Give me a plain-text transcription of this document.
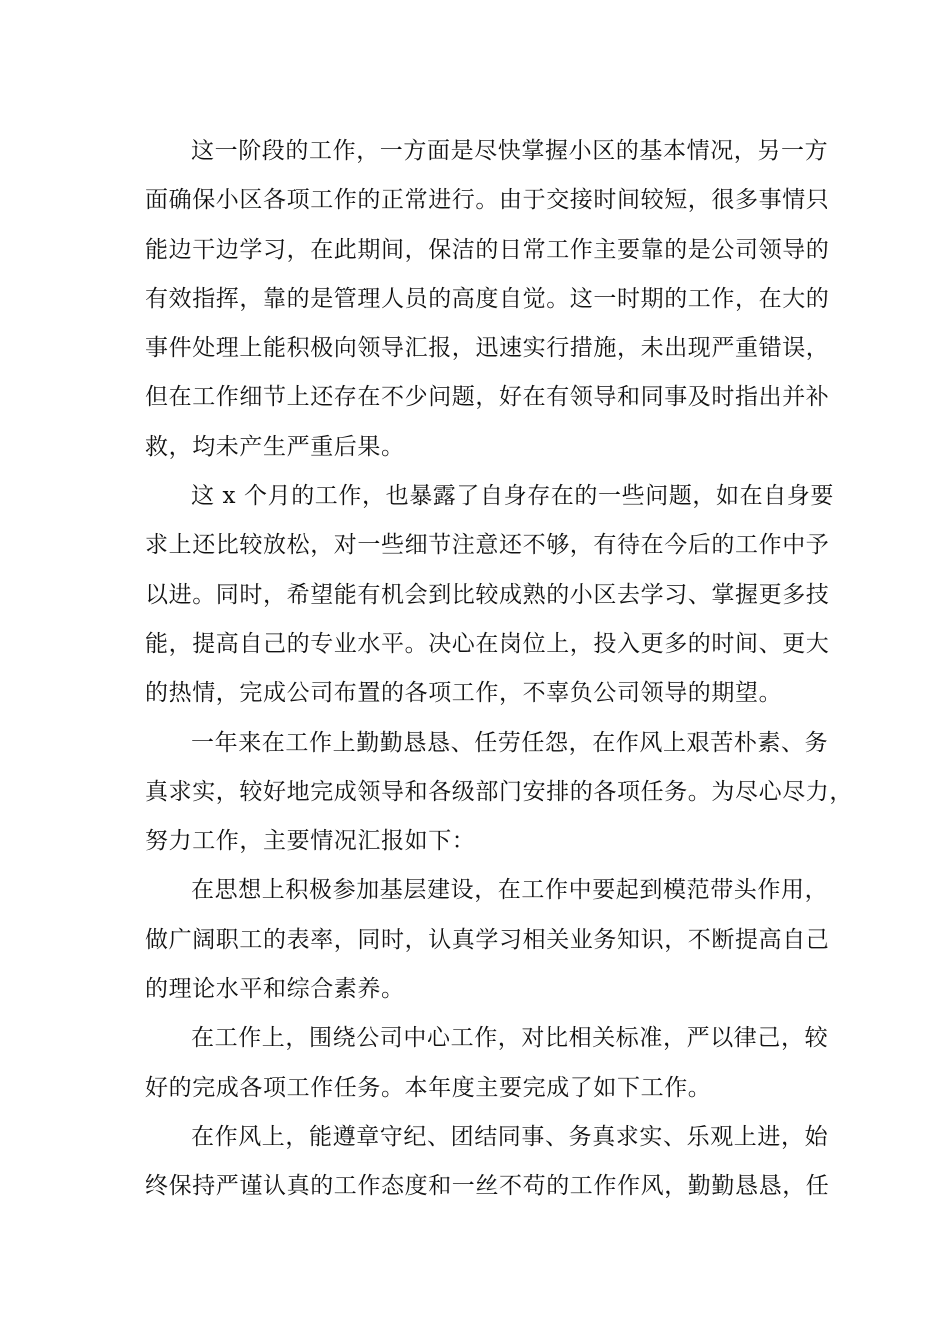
这一阶段的工作，一方面是尽快掌握小区的基本情况，另一方
面确保小区各项工作的正常进行。由于交接时间较短，很多事情只
能边干边学习，在此期间，保洁的日常工作主要靠的是公司领导的
有效指挥，靠的是管理人员的高度自觉。这一时期的工作，在大的
事件处理上能积极向领导汇报，迅速实行措施，未出现严重错误，
但在工作细节上还存在不少问题，好在有领导和同事及时指出并补
救，均未产生严重后果。
这 x 个月的工作，也暴露了自身存在的一些问题，如在自身要
求上还比较放松，对一些细节注意还不够，有待在今后的工作中予
以进。同时，希望能有机会到比较成熟的小区去学习、掌握更多技
能，提高自己的专业水平。决心在岗位上，投入更多的时间、更大
的热情，完成公司布置的各项工作，不辜负公司领导的期望。
一年来在工作上勤勤恳恳、任劳任怨，在作风上艰苦朴素、务
真求实，较好地完成领导和各级部门安排的各项任务。为尽心尽力，
努力工作，主要情况汇报如下：
在思想上积极参加基层建设，在工作中要起到模范带头作用，
做广阔职工的表率，同时，认真学习相关业务知识，不断提高自己
的理论水平和综合素养。
在工作上，围绕公司中心工作，对比相关标准，严以律己，较
好的完成各项工作任务。本年度主要完成了如下工作。
在作风上，能遵章守纪、团结同事、务真求实、乐观上进，始
终保持严谨认真的工作态度和一丝不苟的工作作风，勤勤恳恳，任
